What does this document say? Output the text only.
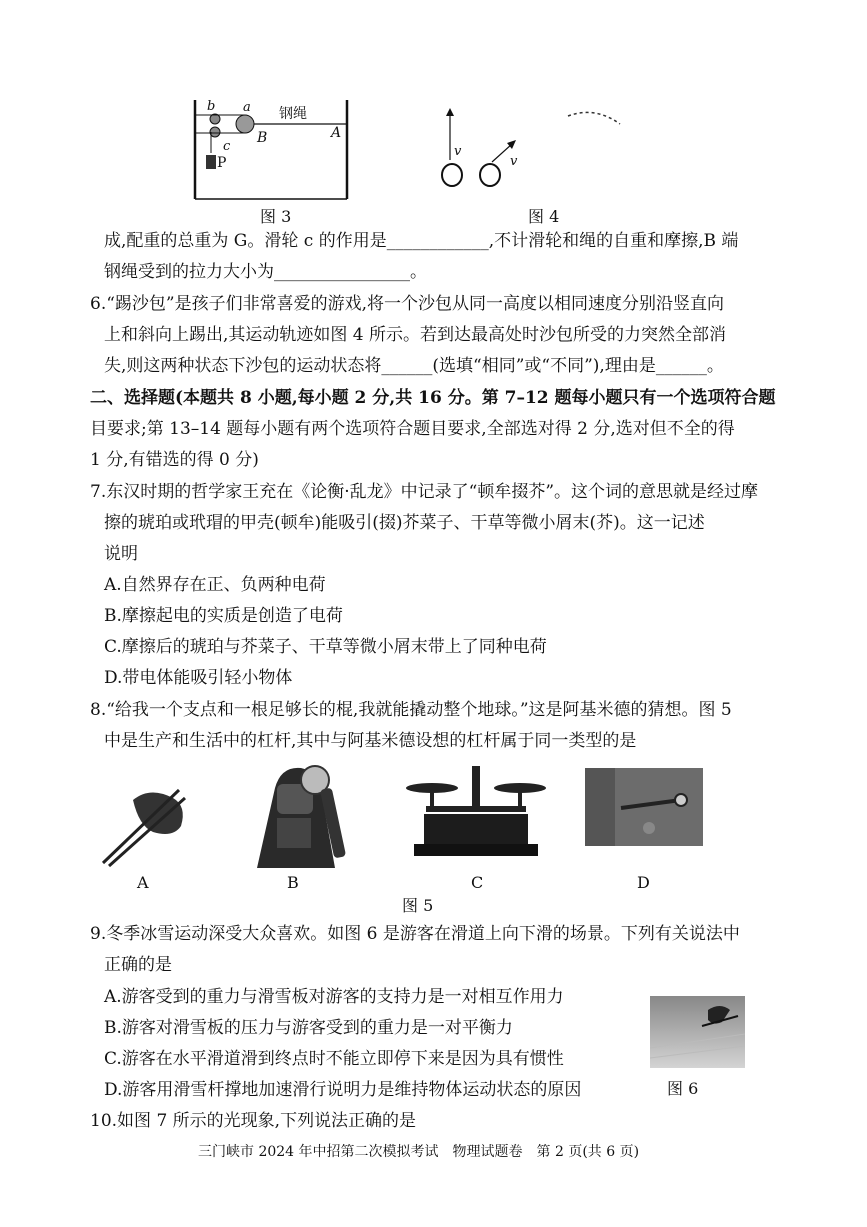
b a 钢绳
B	A
c
P
图 3
v
v
图 4
成,配重的总重为 G。滑轮 c 的作用是____________,不计滑轮和绳的自重和摩擦,B 端
钢绳受到的拉力大小为________________。
6.“踢沙包”是孩子们非常喜爱的游戏,将一个沙包从同一高度以相同速度分别沿竖直向
上和斜向上踢出,其运动轨迹如图 4 所示。若到达最高处时沙包所受的力突然全部消
失,则这两种状态下沙包的运动状态将______(选填“相同”或“不同”),理由是______。
二、选择题(本题共 8 小题,每小题 2 分,共 16 分。第 7–12 题每小题只有一个选项符合题
目要求;第 13–14 题每小题有两个选项符合题目要求,全部选对得 2 分,选对但不全的得
1 分,有错选的得 0 分)
7.东汉时期的哲学家王充在《论衡·乱龙》中记录了“顿牟掇芥”。这个词的意思就是经过摩
擦的琥珀或玳瑁的甲壳(顿牟)能吸引(掇)芥菜子、干草等微小屑末(芥)。这一记述
说明
A.自然界存在正、负两种电荷
B.摩擦起电的实质是创造了电荷
C.摩擦后的琥珀与芥菜子、干草等微小屑末带上了同种电荷
D.带电体能吸引轻小物体
8.“给我一个支点和一根足够长的棍,我就能撬动整个地球。”这是阿基米德的猜想。图 5
中是生产和生活中的杠杆,其中与阿基米德设想的杠杆属于同一类型的是
A	B	C	D
图 5
9.冬季冰雪运动深受大众喜欢。如图 6 是游客在滑道上向下滑的场景。下列有关说法中
正确的是
A.游客受到的重力与滑雪板对游客的支持力是一对相互作用力
B.游客对滑雪板的压力与游客受到的重力是一对平衡力
C.游客在水平滑道滑到终点时不能立即停下来是因为具有惯性
D.游客用滑雪杆撑地加速滑行说明力是维持物体运动状态的原因	图 6
10.如图 7 所示的光现象,下列说法正确的是
三门峡市 2024 年中招第二次模拟考试　物理试题卷　第 2 页(共 6 页)
